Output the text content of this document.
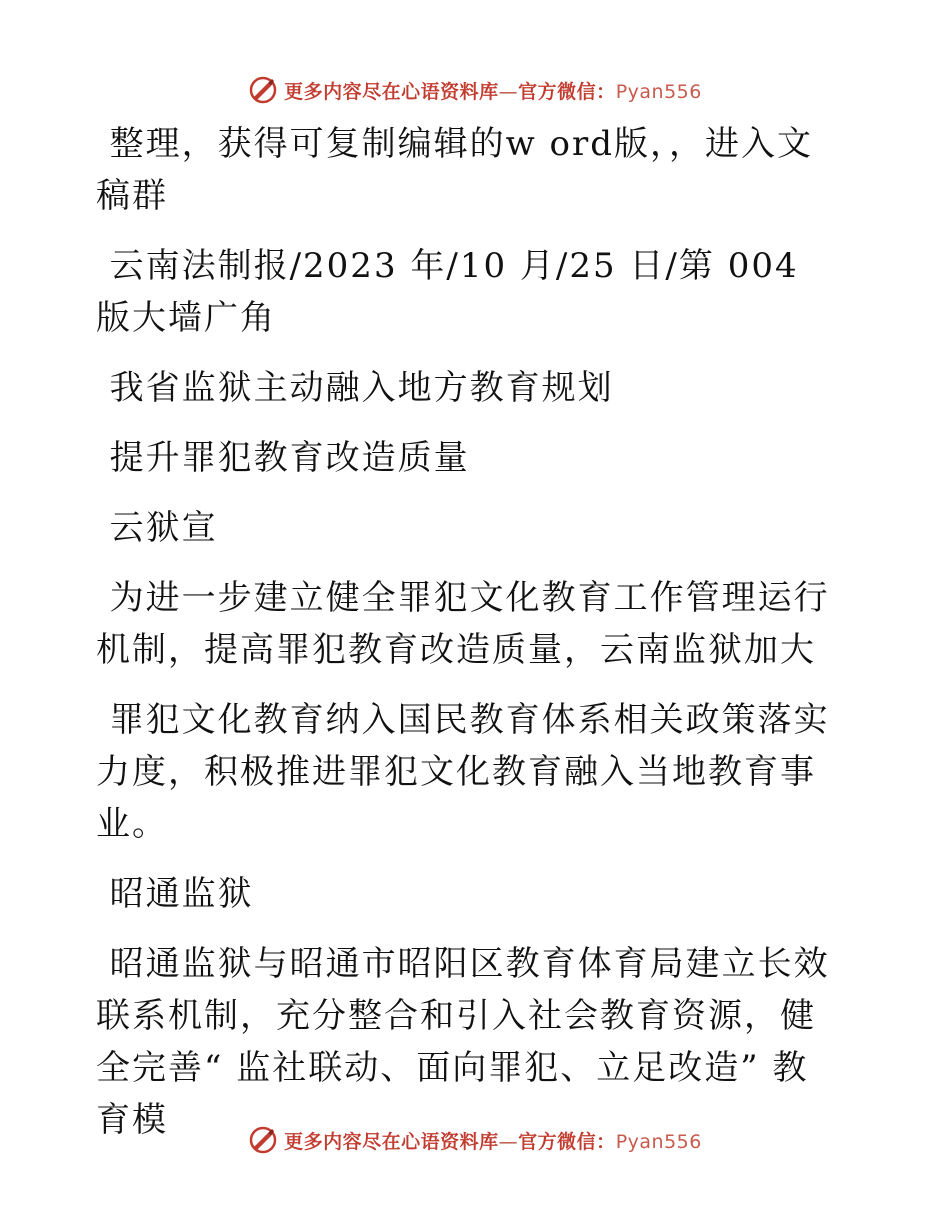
更多内容尽在心语资料库—官方微信：Pyan556

整理，获得可复制编辑的w ord版，，进入文稿群

云南法制报/2023 年/10 月/25 日/第 004 版大墙广角

我省监狱主动融入地方教育规划

提升罪犯教育改造质量

云狱宣

为进一步建立健全罪犯文化教育工作管理运行机制，提高罪犯教育改造质量，云南监狱加大

罪犯文化教育纳入国民教育体系相关政策落实力度，积极推进罪犯文化教育融入当地教育事业。

昭通监狱

昭通监狱与昭通市昭阳区教育体育局建立长效联系机制，充分整合和引入社会教育资源，健全完善“ 监社联动、面向罪犯、立足改造” 教育模

更多内容尽在心语资料库—官方微信：Pyan556
